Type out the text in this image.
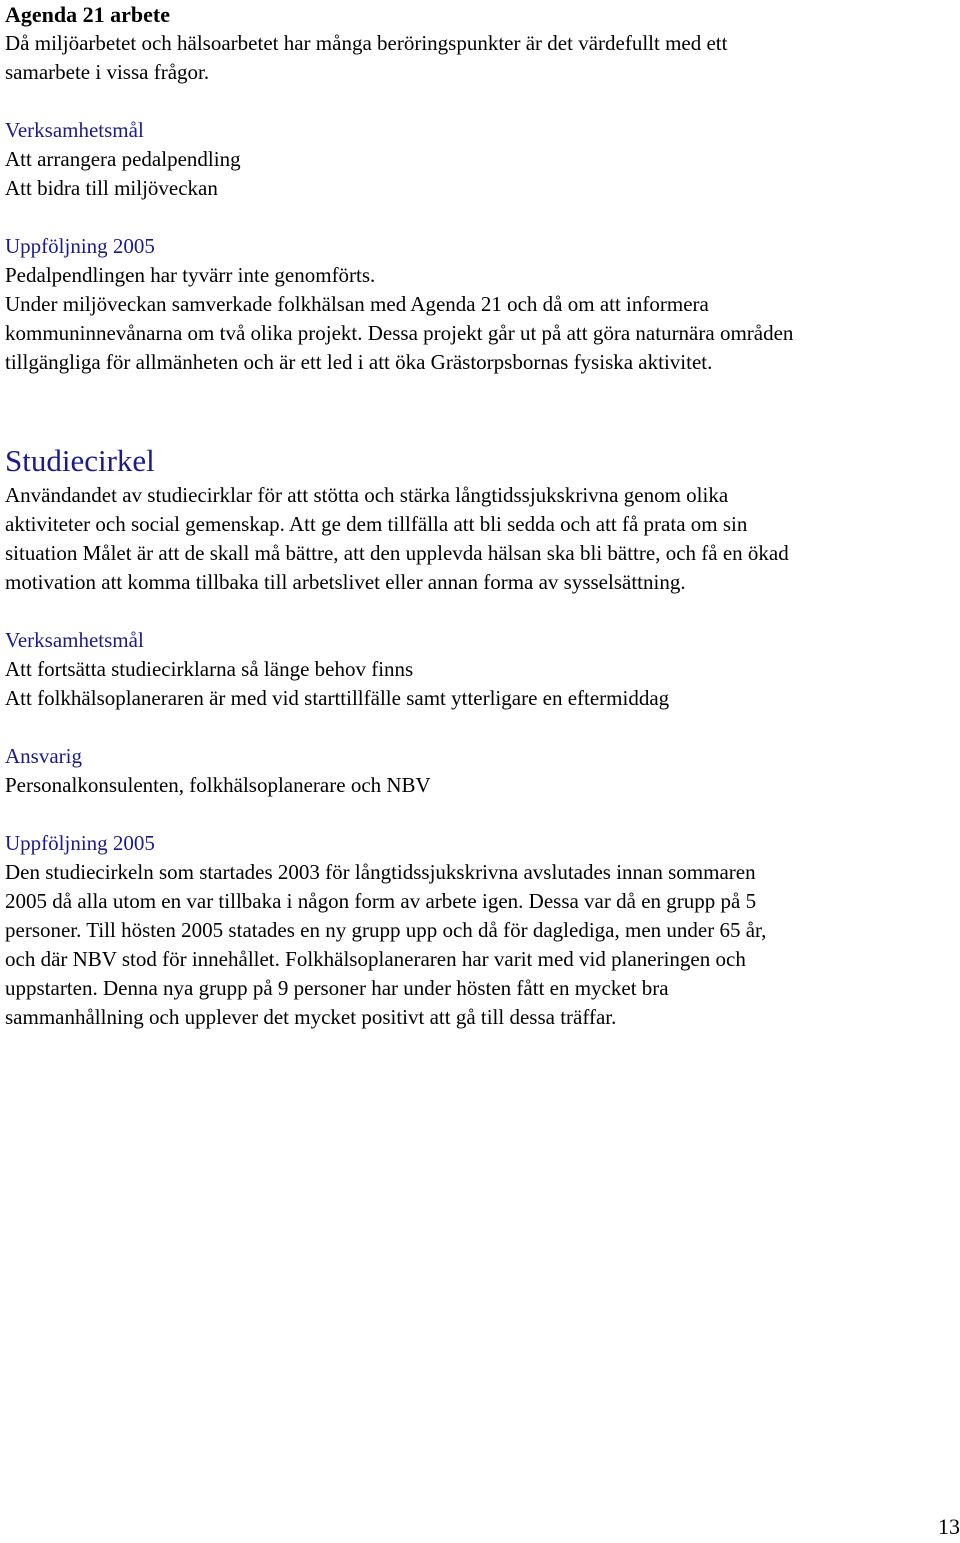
Agenda 21 arbete
Då miljöarbetet och hälsoarbetet har många beröringspunkter är det värdefullt med ett
samarbete i vissa frågor.
Verksamhetsmål
Att arrangera pedalpendling
Att bidra till miljöveckan
Uppföljning 2005
Pedalpendlingen har tyvärr inte genomförts.
Under miljöveckan samverkade folkhälsan med Agenda 21 och då om att informera
kommuninnevånarna om två olika projekt. Dessa projekt går ut på att göra naturnära områden
tillgängliga för allmänheten och är ett led i att öka Grästorpsbornas fysiska aktivitet.
Studiecirkel
Användandet av studiecirklar för att stötta och stärka långtidssjukskrivna genom olika
aktiviteter och social gemenskap. Att ge dem tillfälla att bli sedda och att få prata om sin
situation Målet är att de skall må bättre, att den upplevda hälsan ska bli bättre, och få en ökad
motivation att komma tillbaka till arbetslivet eller annan forma av sysselsättning.
Verksamhetsmål
Att fortsätta studiecirklarna så länge behov finns
Att folkhälsoplaneraren är med vid starttillfälle samt ytterligare en eftermiddag
Ansvarig
Personalkonsulenten, folkhälsoplanerare och NBV
Uppföljning 2005
Den studiecirkeln som startades 2003 för långtidssjukskrivna avslutades innan sommaren
2005 då alla utom en var tillbaka i någon form av arbete igen. Dessa var då en grupp på 5
personer. Till hösten 2005 statades en ny grupp upp och då för daglediga, men under 65 år,
och där NBV stod för innehållet. Folkhälsoplaneraren har varit med vid planeringen och
uppstarten. Denna nya grupp på 9 personer har under hösten fått en mycket bra
sammanhållning och upplever det mycket positivt att gå till dessa träffar.
13
